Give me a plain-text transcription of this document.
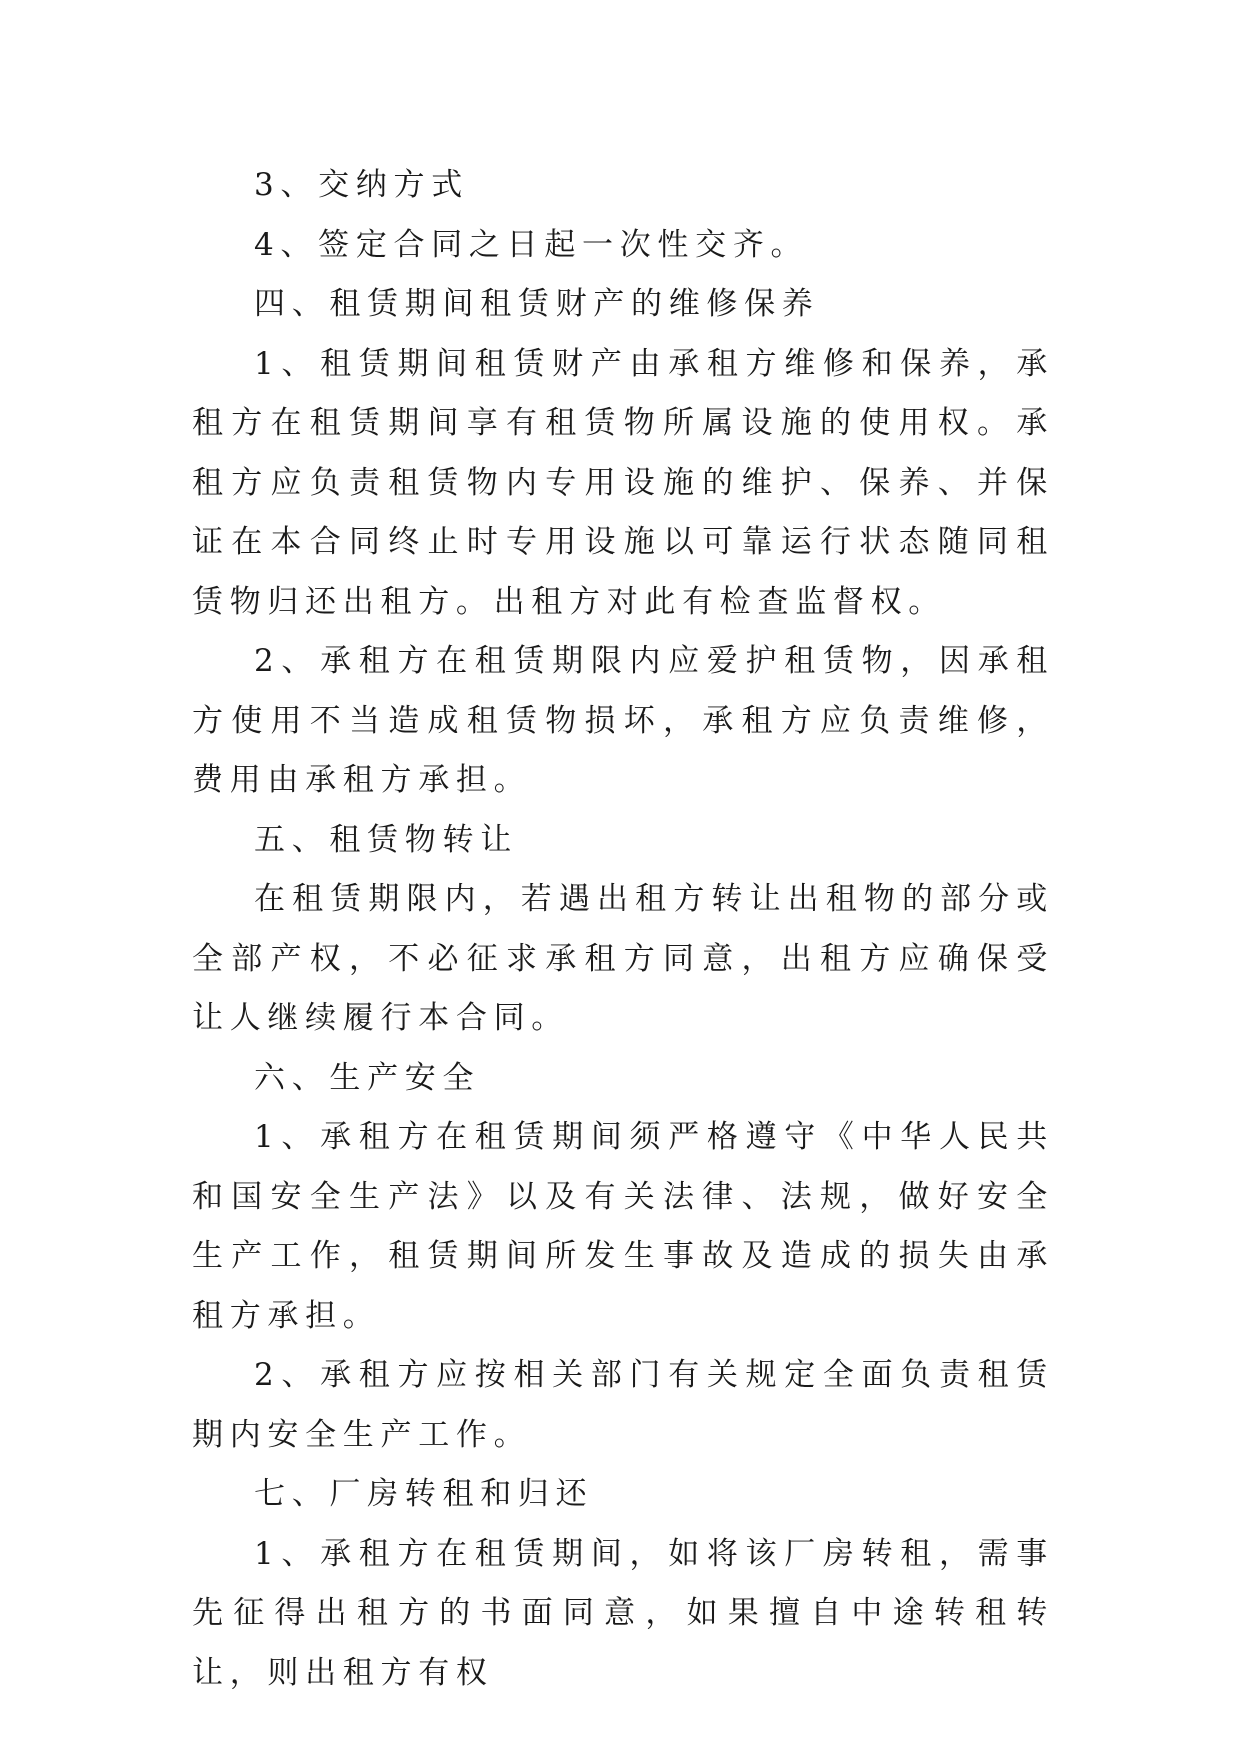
3、交纳方式

4、签定合同之日起一次性交齐。

四、租赁期间租赁财产的维修保养

1、租赁期间租赁财产由承租方维修和保养，承租方在租赁期间享有租赁物所属设施的使用权。承租方应负责租赁物内专用设施的维护、保养、并保证在本合同终止时专用设施以可靠运行状态随同租赁物归还出租方。出租方对此有检查监督权。

2、承租方在租赁期限内应爱护租赁物，因承租方使用不当造成租赁物损坏，承租方应负责维修，费用由承租方承担。

五、租赁物转让

在租赁期限内，若遇出租方转让出租物的部分或全部产权，不必征求承租方同意，出租方应确保受让人继续履行本合同。

六、生产安全

1、承租方在租赁期间须严格遵守《中华人民共和国安全生产法》以及有关法律、法规，做好安全生产工作，租赁期间所发生事故及造成的损失由承租方承担。

2、承租方应按相关部门有关规定全面负责租赁期内安全生产工作。

七、厂房转租和归还

1、承租方在租赁期间，如将该厂房转租，需事先征得出租方的书面同意，如果擅自中途转租转让，则出租方有权
